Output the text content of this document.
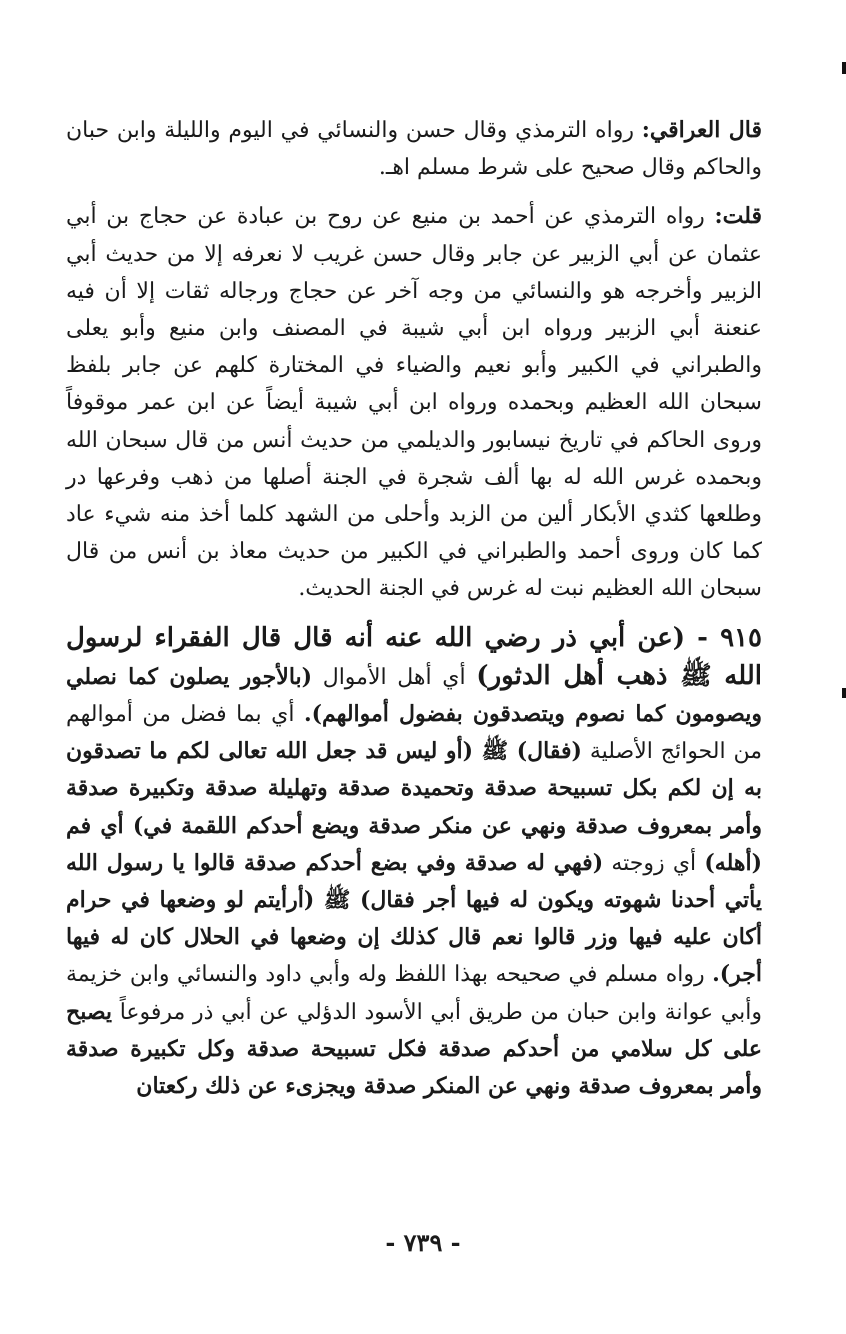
قال العراقي: رواه الترمذي وقال حسن والنسائي في اليوم والليلة وابن حبان والحاكم وقال صحيح على شرط مسلم اهـ.

قلت: رواه الترمذي عن أحمد بن منيع عن روح بن عبادة عن حجاج بن أبي عثمان عن أبي الزبير عن جابر وقال حسن غريب لا نعرفه إلا من حديث أبي الزبير وأخرجه هو والنسائي من وجه آخر عن حجاج ورجاله ثقات إلا أن فيه عنعنة أبي الزبير ورواه ابن أبي شيبة في المصنف وابن منيع وأبو يعلى والطبراني في الكبير وأبو نعيم والضياء في المختارة كلهم عن جابر بلفظ سبحان الله العظيم وبحمده ورواه ابن أبي شيبة أيضاً عن ابن عمر موقوفاً وروى الحاكم في تاريخ نيسابور والديلمي من حديث أنس من قال سبحان الله وبحمده غرس الله له بها ألف شجرة في الجنة أصلها من ذهب وفرعها در وطلعها كثدي الأبكار ألين من الزبد وأحلى من الشهد كلما أخذ منه شيء عاد كما كان وروى أحمد والطبراني في الكبير من حديث معاذ بن أنس من قال سبحان الله العظيم نبت له غرس في الجنة الحديث.

٩١٥ - (عن أبي ذر رضي الله عنه أنه قال قال الفقراء لرسول الله ﷺ ذهب أهل الدثور) أي أهل الأموال (بالأجور يصلون كما نصلي ويصومون كما نصوم ويتصدقون بفضول أموالهم). أي بما فضل من أموالهم من الحوائج الأصلية (فقال) ﷺ (أو ليس قد جعل الله تعالى لكم ما تصدقون به إن لكم بكل تسبيحة صدقة وتحميدة صدقة وتهليلة صدقة وتكبيرة صدقة وأمر بمعروف صدقة ونهي عن منكر صدقة ويضع أحدكم اللقمة في) أي فم (أهله) أي زوجته (فهي له صدقة وفي بضع أحدكم صدقة قالوا يا رسول الله يأتي أحدنا شهوته ويكون له فيها أجر فقال) ﷺ (أرأيتم لو وضعها في حرام أكان عليه فيها وزر قالوا نعم قال كذلك إن وضعها في الحلال كان له فيها أجر). رواه مسلم في صحيحه بهذا اللفظ وله وأبي داود والنسائي وابن خزيمة وأبي عوانة وابن حبان من طريق أبي الأسود الدؤلي عن أبي ذر مرفوعاً يصبح على كل سلامي من أحدكم صدقة فكل تسبيحة صدقة وكل تكبيرة صدقة وأمر بمعروف صدقة ونهي عن المنكر صدقة ويجزىء عن ذلك ركعتان

- ٧٣٩ -
